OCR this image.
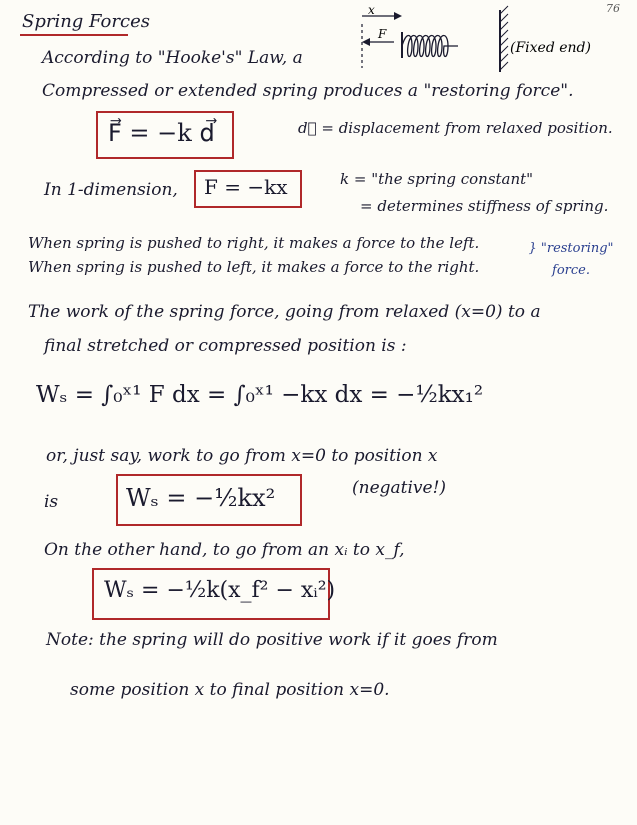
76
Spring Forces
x
F
(Fixed end)
According to "Hooke's" Law, a
Compressed or extended spring produces a "restoring force".
F⃗ = −k d⃗	d⃗ = displacement from relaxed position.
In 1-dimension, F = −kx	k = "the spring constant"
= determines stiffness of spring.
When spring is pushed to right, it makes a force to the left.
When spring is pushed to left, it makes a force to the right.
} "restoring" force.
The work of the spring force, going from relaxed (x=0) to a
final stretched or compressed position is :
Wₛ = ∫₀ˣ¹ F dx = ∫₀ˣ¹ −kx dx = −½kx₁²
or, just say, work to go from x=0 to position x
is	Wₛ = −½kx²	(negative!)
On the other hand, to go from an xᵢ to x_f,
Wₛ = −½k(x_f² − xᵢ²)
Note: the spring will do positive work if it goes from
some position x to final position x=0.
